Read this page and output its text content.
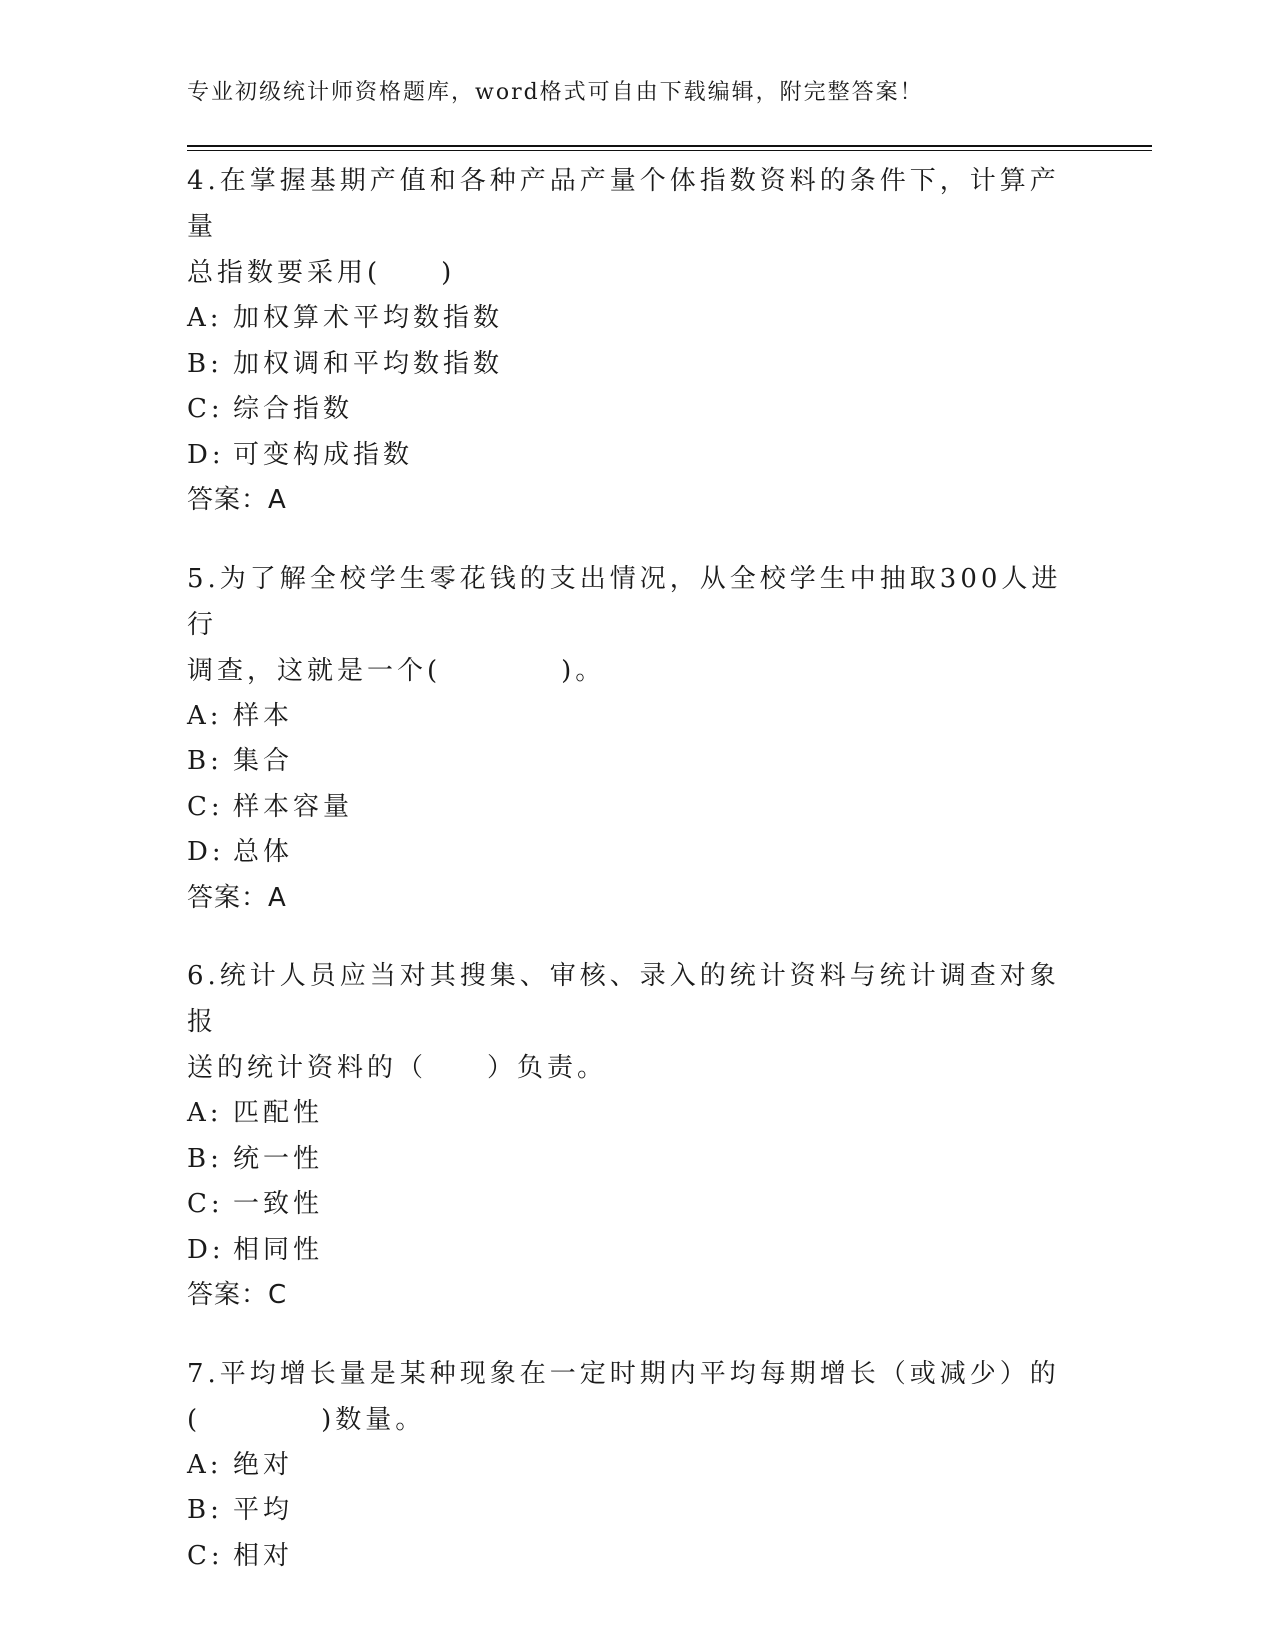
专业初级统计师资格题库，word格式可自由下载编辑，附完整答案！

4.在掌握基期产值和各种产品产量个体指数资料的条件下，计算产量
总指数要采用(　　)

A: 加权算术平均数指数

B: 加权调和平均数指数

C: 综合指数

D: 可变构成指数

答案：A

5.为了解全校学生零花钱的支出情况，从全校学生中抽取300人进行
调查，这就是一个(　　　　)。

A: 样本

B: 集合

C: 样本容量

D: 总体

答案：A

6.统计人员应当对其搜集、审核、录入的统计资料与统计调查对象报
送的统计资料的（　　）负责。

A: 匹配性

B: 统一性

C: 一致性

D: 相同性

答案：C

7.平均增长量是某种现象在一定时期内平均每期增长（或减少）的
(　　　　)数量。

A: 绝对

B: 平均

C: 相对
